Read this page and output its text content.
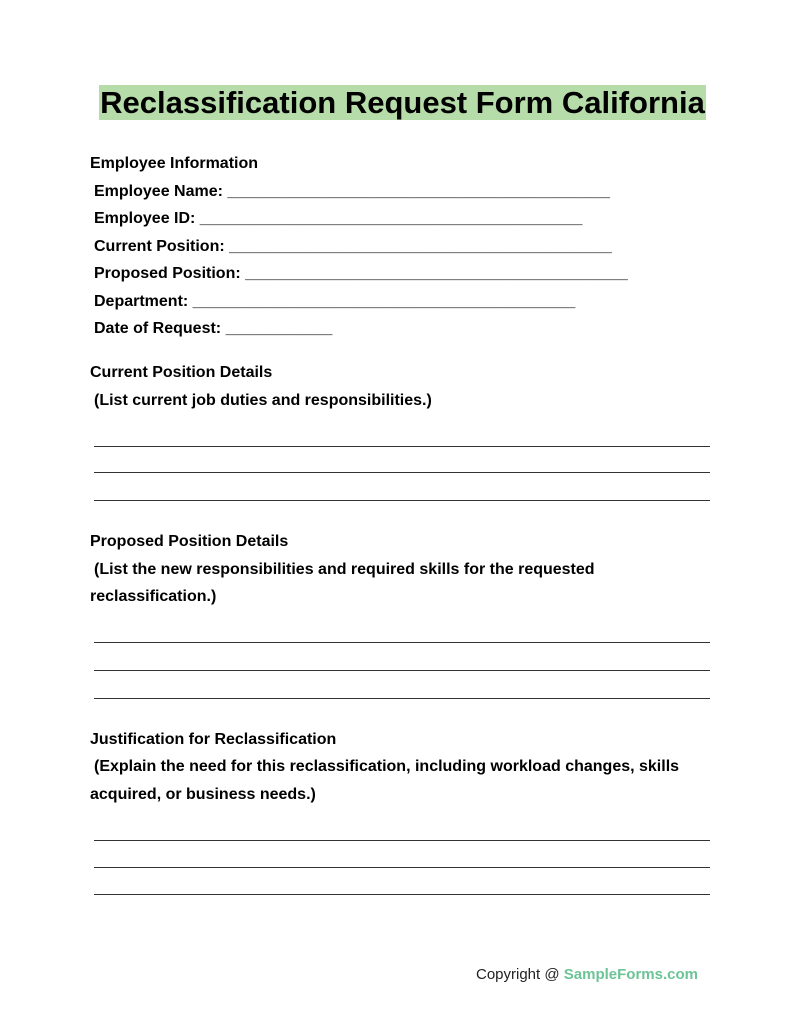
Reclassification Request Form California
Employee Information
Employee Name: ___________________________________________
Employee ID: ___________________________________________
Current Position: ___________________________________________
Proposed Position: ___________________________________________
Department: ___________________________________________
Date of Request: ____________
Current Position Details
(List current job duties and responsibilities.)
Proposed Position Details
(List the new responsibilities and required skills for the requested
reclassification.)
Justification for Reclassification
(Explain the need for this reclassification, including workload changes, skills
acquired, or business needs.)
Copyright @ SampleForms.com
